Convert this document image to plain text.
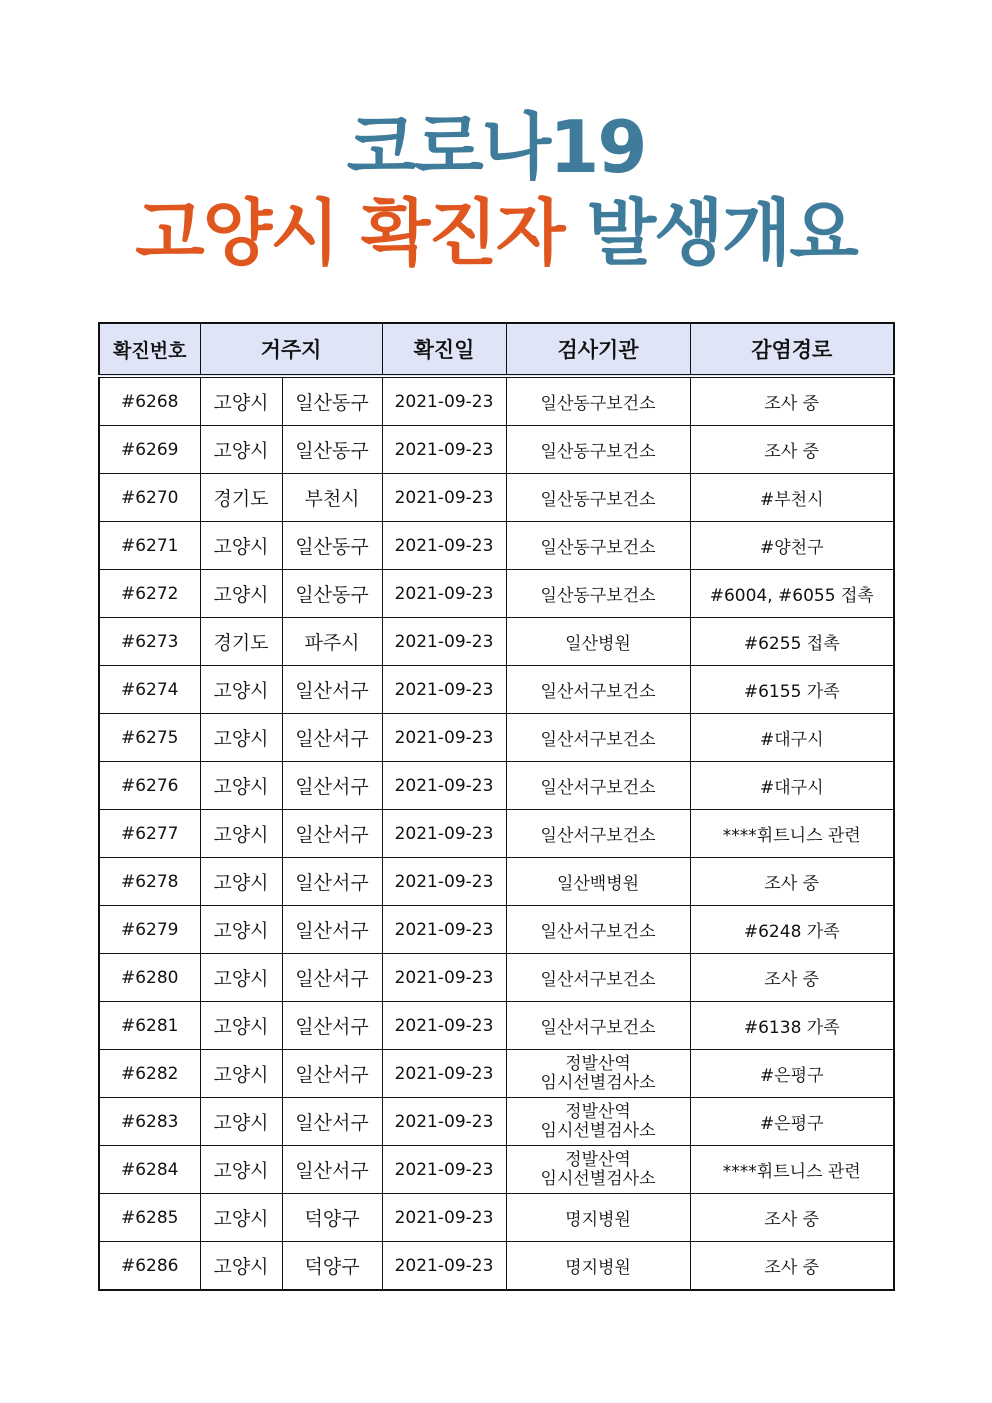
코로나19
고양시 확진자 발생개요
확진번호	거주지		확진일	검사기관	감염경로
#6268	고양시	일산동구	2021-09-23	일산동구보건소	조사 중
#6269	고양시	일산동구	2021-09-23	일산동구보건소	조사 중
#6270	경기도	부천시	2021-09-23	일산동구보건소	#부천시
#6271	고양시	일산동구	2021-09-23	일산동구보건소	#양천구
#6272	고양시	일산동구	2021-09-23	일산동구보건소	#6004, #6055 접촉
#6273	경기도	파주시	2021-09-23	일산병원	#6255 접촉
#6274	고양시	일산서구	2021-09-23	일산서구보건소	#6155 가족
#6275	고양시	일산서구	2021-09-23	일산서구보건소	#대구시
#6276	고양시	일산서구	2021-09-23	일산서구보건소	#대구시
#6277	고양시	일산서구	2021-09-23	일산서구보건소	****휘트니스 관련
#6278	고양시	일산서구	2021-09-23	일산백병원	조사 중
#6279	고양시	일산서구	2021-09-23	일산서구보건소	#6248 가족
#6280	고양시	일산서구	2021-09-23	일산서구보건소	조사 중
#6281	고양시	일산서구	2021-09-23	일산서구보건소	#6138 가족
#6282	고양시	일산서구	2021-09-23	정발산역
임시선별검사소	#은평구
#6283	고양시	일산서구	2021-09-23	정발산역
임시선별검사소	#은평구
#6284	고양시	일산서구	2021-09-23	정발산역
임시선별검사소	****휘트니스 관련
#6285	고양시	덕양구	2021-09-23	명지병원	조사 중
#6286	고양시	덕양구	2021-09-23	명지병원	조사 중
